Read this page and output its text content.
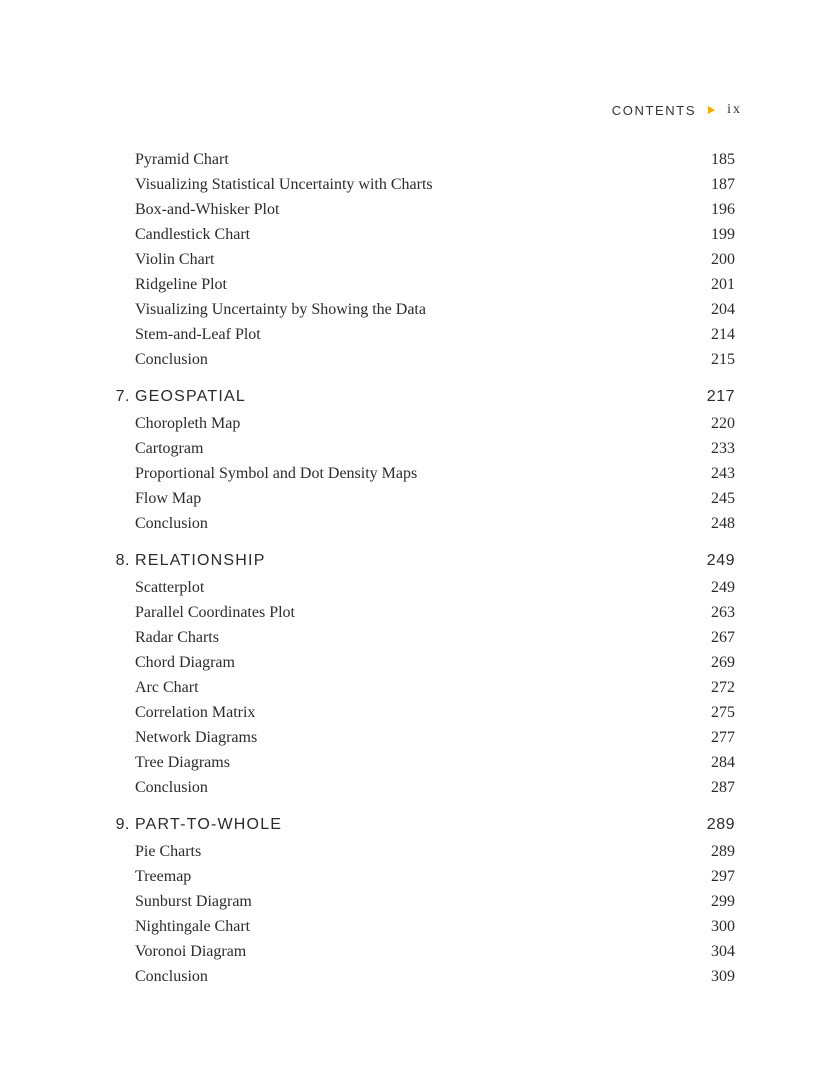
CONTENTS ix
Pyramid Chart	185
Visualizing Statistical Uncertainty with Charts	187
Box-and-Whisker Plot	196
Candlestick Chart	199
Violin Chart	200
Ridgeline Plot	201
Visualizing Uncertainty by Showing the Data	204
Stem-and-Leaf Plot	214
Conclusion	215
7. GEOSPATIAL	217
Choropleth Map	220
Cartogram	233
Proportional Symbol and Dot Density Maps	243
Flow Map	245
Conclusion	248
8. RELATIONSHIP	249
Scatterplot	249
Parallel Coordinates Plot	263
Radar Charts	267
Chord Diagram	269
Arc Chart	272
Correlation Matrix	275
Network Diagrams	277
Tree Diagrams	284
Conclusion	287
9. PART-TO-WHOLE	289
Pie Charts	289
Treemap	297
Sunburst Diagram	299
Nightingale Chart	300
Voronoi Diagram	304
Conclusion	309
